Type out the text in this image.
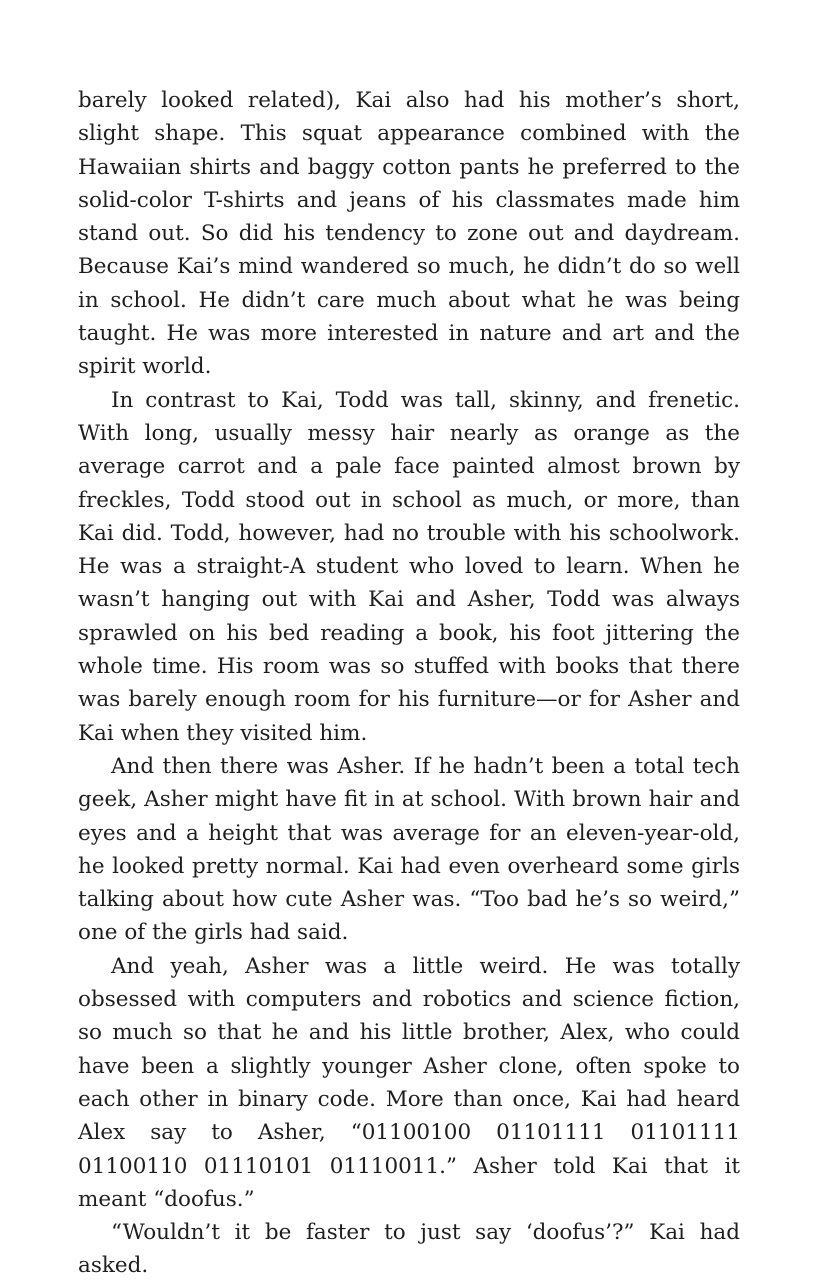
barely looked related), Kai also had his mother’s short, slight shape. This squat appearance combined with the Hawaiian shirts and baggy cotton pants he preferred to the solid-color T-shirts and jeans of his classmates made him stand out. So did his tendency to zone out and daydream. Because Kai’s mind wandered so much, he didn’t do so well in school. He didn’t care much about what he was being taught. He was more interested in nature and art and the spirit world.

In contrast to Kai, Todd was tall, skinny, and frenetic. With long, usually messy hair nearly as orange as the average carrot and a pale face painted almost brown by freckles, Todd stood out in school as much, or more, than Kai did. Todd, however, had no trouble with his schoolwork. He was a straight-A student who loved to learn. When he wasn’t hanging out with Kai and Asher, Todd was always sprawled on his bed reading a book, his foot jittering the whole time. His room was so stuffed with books that there was barely enough room for his furniture—or for Asher and Kai when they visited him.

And then there was Asher. If he hadn’t been a total tech geek, Asher might have fit in at school. With brown hair and eyes and a height that was average for an eleven-year-old, he looked pretty normal. Kai had even overheard some girls talking about how cute Asher was. “Too bad he’s so weird,” one of the girls had said.

And yeah, Asher was a little weird. He was totally obsessed with computers and robotics and science fiction, so much so that he and his little brother, Alex, who could have been a slightly younger Asher clone, often spoke to each other in binary code. More than once, Kai had heard Alex say to Asher, “01100100 01101111 01101111 01100110 01110101 01110011.” Asher told Kai that it meant “doofus.”

“Wouldn’t it be faster to just say ‘doofus’?” Kai had asked.
